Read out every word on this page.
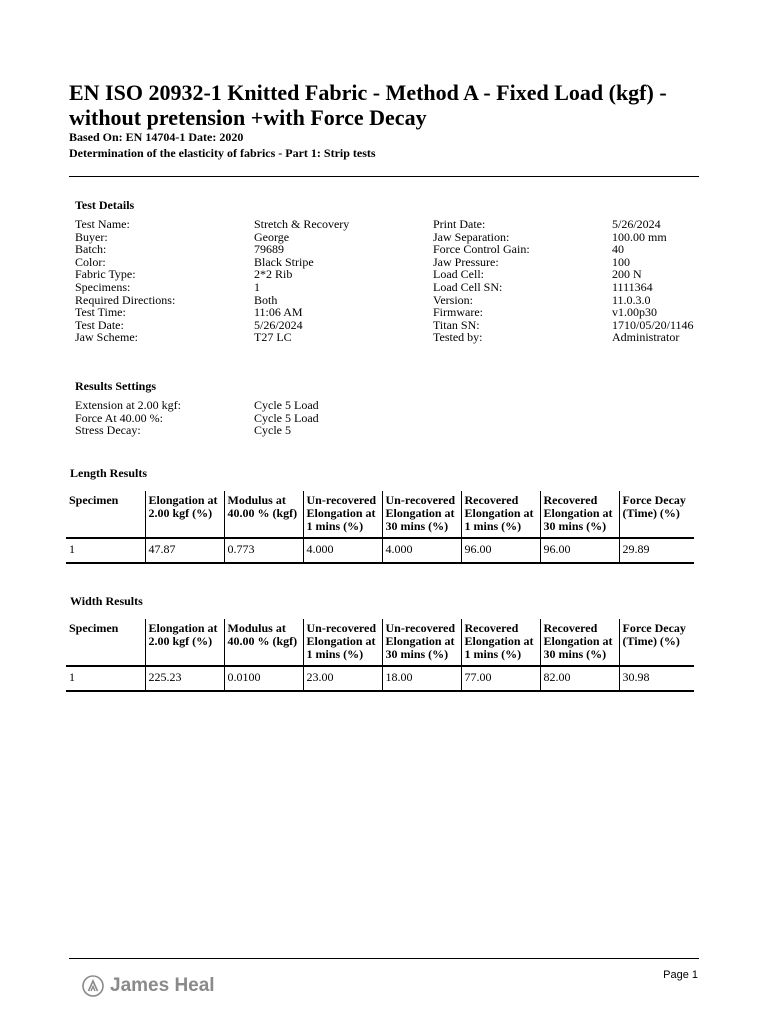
EN ISO 20932-1 Knitted Fabric - Method A - Fixed Load (kgf) -without pretension +with Force Decay
Based On: EN 14704-1 Date: 2020
Determination of the elasticity of fabrics - Part 1: Strip tests
Test Details
Test Name:	Stretch & Recovery
Buyer:	George
Batch:	79689
Color:	Black Stripe
Fabric Type:	2*2 Rib
Specimens:	1
Required Directions:	Both
Test Time:	11:06 AM
Test Date:	5/26/2024
Jaw Scheme:	T27 LC
Print Date:	5/26/2024
Jaw Separation:	100.00 mm
Force Control Gain:	40
Jaw Pressure:	100
Load Cell:	200 N
Load Cell SN:	1111364
Version:	11.0.3.0
Firmware:	v1.00p30
Titan SN:	1710/05/20/1146
Tested by:	Administrator
Results Settings
Extension at 2.00 kgf:	Cycle 5 Load
Force At 40.00 %:	Cycle 5 Load
Stress Decay:	Cycle 5
Length Results
Specimen	Elongation at 2.00 kgf (%)	Modulus at 40.00 % (kgf)	Un-recovered Elongation at 1 mins (%)	Un-recovered Elongation at 30 mins (%)	Recovered Elongation at 1 mins (%)	Recovered Elongation at 30 mins (%)	Force Decay (Time) (%)
1	47.87	0.773	4.000	4.000	96.00	96.00	29.89
Width Results
Specimen	Elongation at 2.00 kgf (%)	Modulus at 40.00 % (kgf)	Un-recovered Elongation at 1 mins (%)	Un-recovered Elongation at 30 mins (%)	Recovered Elongation at 1 mins (%)	Recovered Elongation at 30 mins (%)	Force Decay (Time) (%)
1	225.23	0.0100	23.00	18.00	77.00	82.00	30.98
James Heal	Page 1
